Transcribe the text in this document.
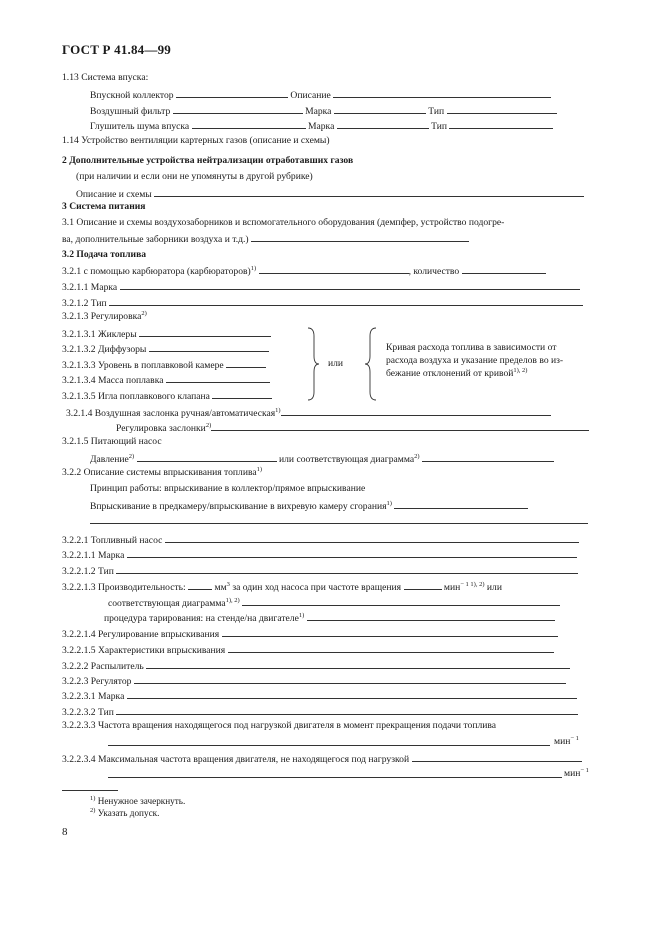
ГОСТ Р 41.84—99
1.13 Система впуска:
Впускной коллектор	Описание
Воздушный фильтр	Марка	Тип
Глушитель шума впуска	Марка	Тип
1.14 Устройство вентиляции картерных газов (описание и схемы)
2 Дополнительные устройства нейтрализации отработавших газов
(при наличии и если они не упомянуты в другой рубрике)
Описание и схемы
3 Система питания
3.1 Описание и схемы воздухозаборников и вспомогательного оборудования (демпфер, устройство подогре-
ва, дополнительные заборники воздуха и т.д.)
3.2 Подача топлива
3.2.1 с помощью карбюратора (карбюраторов)$^{1)}$	, количество
3.2.1.1 Марка
3.2.1.2 Тип
3.2.1.3 Регулировка$^{2)}$
3.2.1.3.1 Жиклеры
3.2.1.3.2 Диффузоры
3.2.1.3.3 Уровень в поплавковой камере
3.2.1.3.4 Масса поплавка
3.2.1.3.5 Игла поплавкового клапана
или
Кривая расхода топлива в зависимости от
расхода воздуха и указание пределов во из-
бежание отклонений от кривой$^{1), 2)}$
3.2.1.4 Воздушная заслонка ручная/автоматическая$^{1)}$
Регулировка заслонки$^{2)}$
3.2.1.5 Питающий насос
Давление$^{2)}$	или соответствующая диаграмма$^{2)}$
3.2.2 Описание системы впрыскивания топлива$^{1)}$
Принцип работы: впрыскивание в коллектор/прямое впрыскивание
Впрыскивание в предкамеру/впрыскивание в вихревую камеру сгорания$^{1)}$
3.2.2.1 Топливный насос
3.2.2.1.1 Марка
3.2.2.1.2 Тип
3.2.2.1.3 Производительность:	$мм^3$ за один ход насоса при частоте вращения	мин$^{- 1 1), 2)}$ или
соответствующая диаграмма$^{1), 2)}$
процедура тарирования: на стенде/на двигателе$^{1)}$
3.2.2.1.4 Регулирование впрыскивания
3.2.2.1.5 Характеристики впрыскивания
3.2.2.2 Распылитель
3.2.2.3 Регулятор
3.2.2.3.1 Марка
3.2.2.3.2 Тип
3.2.2.3.3 Частота вращения находящегося под нагрузкой двигателя в момент прекращения подачи топлива
мин$^{- 1}$
3.2.2.3.4 Максимальная частота вращения двигателя, не находящегося под нагрузкой
мин$^{- 1}$
$^{1)}$ Ненужное зачеркнуть.
$^{2)}$ Указать допуск.
8
